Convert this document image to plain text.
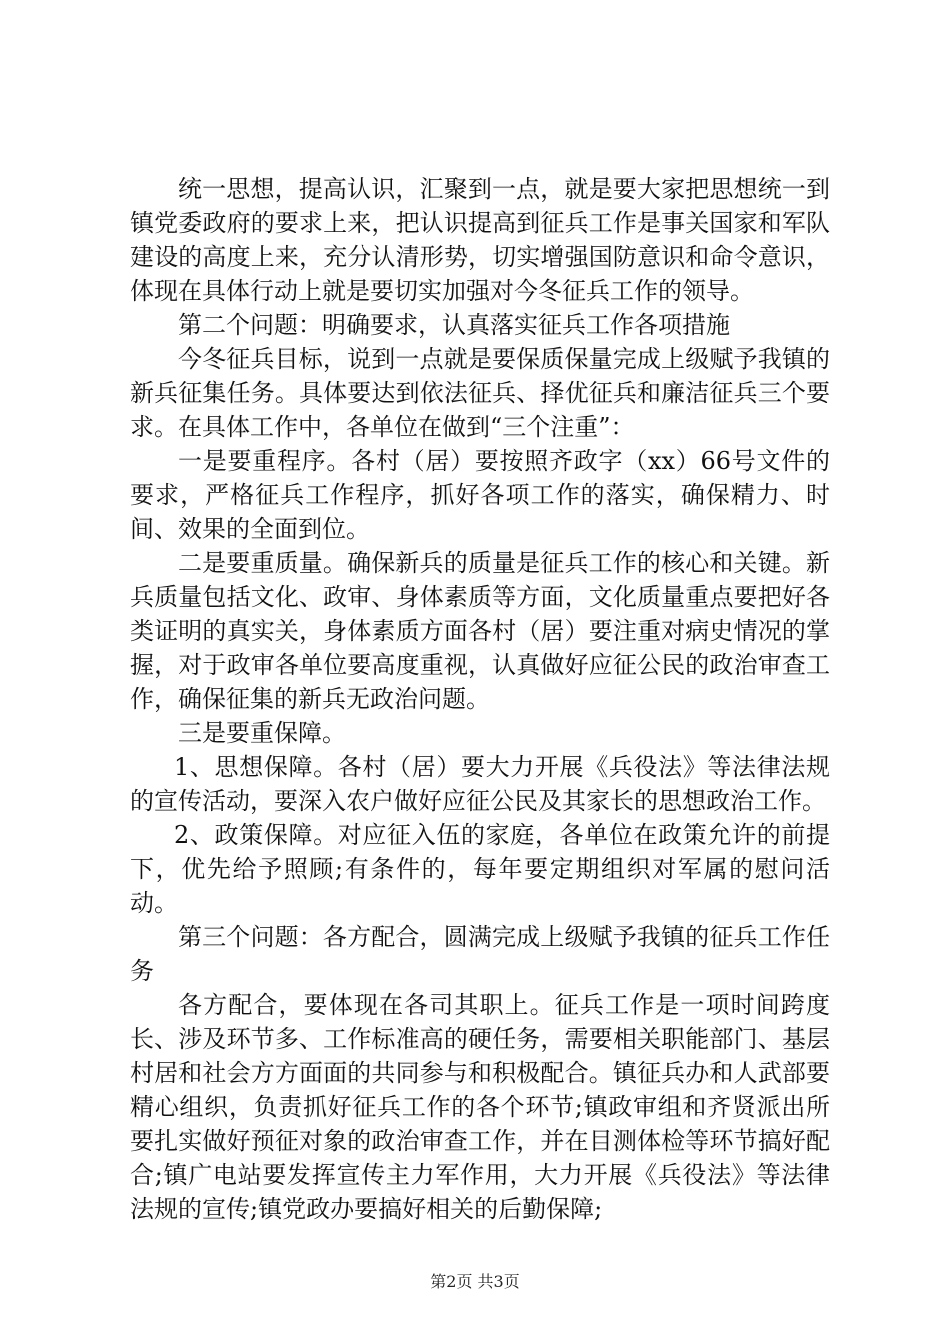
统一思想，提高认识，汇聚到一点，就是要大家把思想统一到镇党委政府的要求上来，把认识提高到征兵工作是事关国家和军队建设的高度上来，充分认清形势，切实增强国防意识和命令意识，体现在具体行动上就是要切实加强对今冬征兵工作的领导。

第二个问题：明确要求，认真落实征兵工作各项措施

今冬征兵目标，说到一点就是要保质保量完成上级赋予我镇的新兵征集任务。具体要达到依法征兵、择优征兵和廉洁征兵三个要求。在具体工作中，各单位在做到“三个注重”：

一是要重程序。各村（居）要按照齐政字（xx）66号文件的要求，严格征兵工作程序，抓好各项工作的落实，确保精力、时间、效果的全面到位。

二是要重质量。确保新兵的质量是征兵工作的核心和关键。新兵质量包括文化、政审、身体素质等方面，文化质量重点要把好各类证明的真实关，身体素质方面各村（居）要注重对病史情况的掌握，对于政审各单位要高度重视，认真做好应征公民的政治审查工作，确保征集的新兵无政治问题。

三是要重保障。

1、思想保障。各村（居）要大力开展《兵役法》等法律法规的宣传活动，要深入农户做好应征公民及其家长的思想政治工作。

2、政策保障。对应征入伍的家庭，各单位在政策允许的前提下，优先给予照顾;有条件的，每年要定期组织对军属的慰问活动。

第三个问题：各方配合，圆满完成上级赋予我镇的征兵工作任务

各方配合，要体现在各司其职上。征兵工作是一项时间跨度长、涉及环节多、工作标准高的硬任务，需要相关职能部门、基层村居和社会方方面面的共同参与和积极配合。镇征兵办和人武部要精心组织，负责抓好征兵工作的各个环节;镇政审组和齐贤派出所要扎实做好预征对象的政治审查工作，并在目测体检等环节搞好配合;镇广电站要发挥宣传主力军作用，大力开展《兵役法》等法律法规的宣传;镇党政办要搞好相关的后勤保障;

第2页 共3页
